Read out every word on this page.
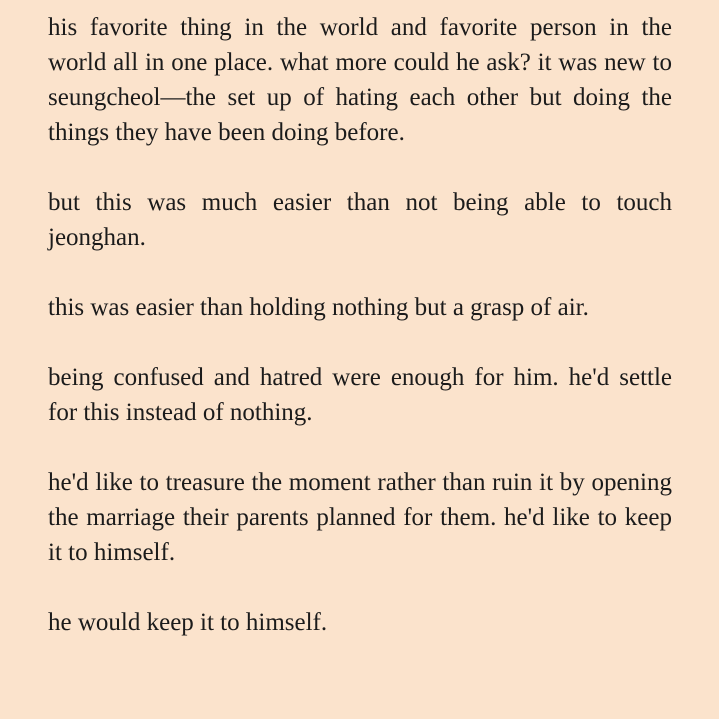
his favorite thing in the world and favorite person in the world all in one place. what more could he ask? it was new to seungcheol—the set up of hating each other but doing the things they have been doing before.

but this was much easier than not being able to touch jeonghan.

this was easier than holding nothing but a grasp of air.

being confused and hatred were enough for him. he'd settle for this instead of nothing.

he'd like to treasure the moment rather than ruin it by opening the marriage their parents planned for them. he'd like to keep it to himself.

he would keep it to himself.
